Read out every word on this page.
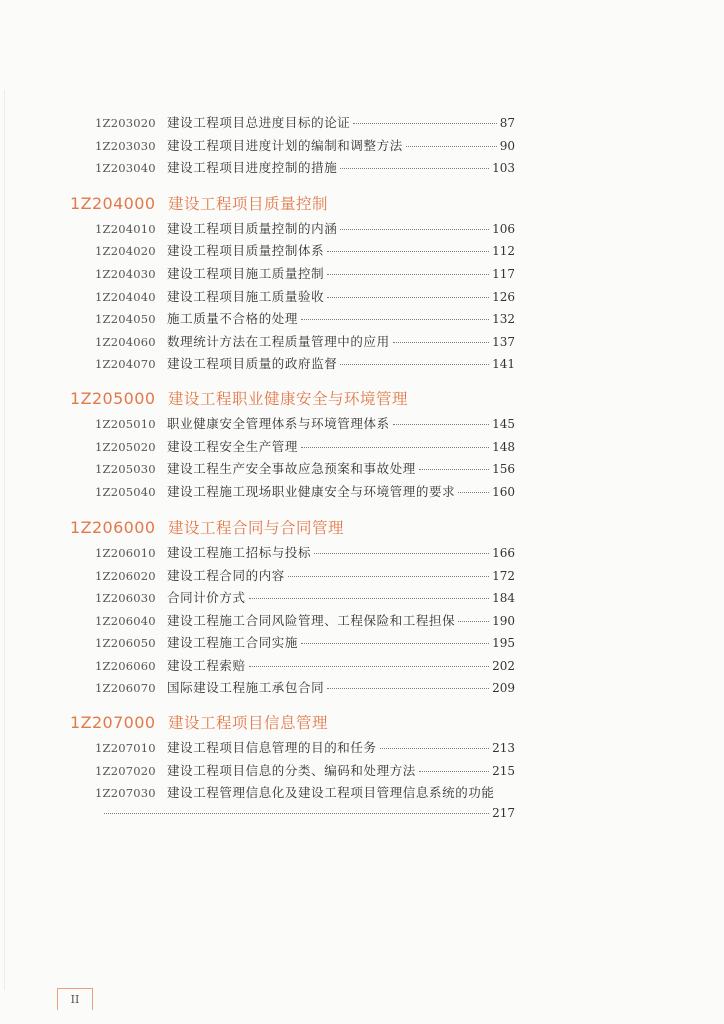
1Z203020 建设工程项目总进度目标的论证	87
1Z203030 建设工程项目进度计划的编制和调整方法	90
1Z203040 建设工程项目进度控制的措施	103
1Z204000 建设工程项目质量控制
1Z204010 建设工程项目质量控制的内涵	106
1Z204020 建设工程项目质量控制体系	112
1Z204030 建设工程项目施工质量控制	117
1Z204040 建设工程项目施工质量验收	126
1Z204050 施工质量不合格的处理	132
1Z204060 数理统计方法在工程质量管理中的应用	137
1Z204070 建设工程项目质量的政府监督	141
1Z205000 建设工程职业健康安全与环境管理
1Z205010 职业健康安全管理体系与环境管理体系	145
1Z205020 建设工程安全生产管理	148
1Z205030 建设工程生产安全事故应急预案和事故处理	156
1Z205040 建设工程施工现场职业健康安全与环境管理的要求	160
1Z206000 建设工程合同与合同管理
1Z206010 建设工程施工招标与投标	166
1Z206020 建设工程合同的内容	172
1Z206030 合同计价方式	184
1Z206040 建设工程施工合同风险管理、工程保险和工程担保	190
1Z206050 建设工程施工合同实施	195
1Z206060 建设工程索赔	202
1Z206070 国际建设工程施工承包合同	209
1Z207000 建设工程项目信息管理
1Z207010 建设工程项目信息管理的目的和任务	213
1Z207020 建设工程项目信息的分类、编码和处理方法	215
1Z207030 建设工程管理信息化及建设工程项目管理信息系统的功能
217
II
